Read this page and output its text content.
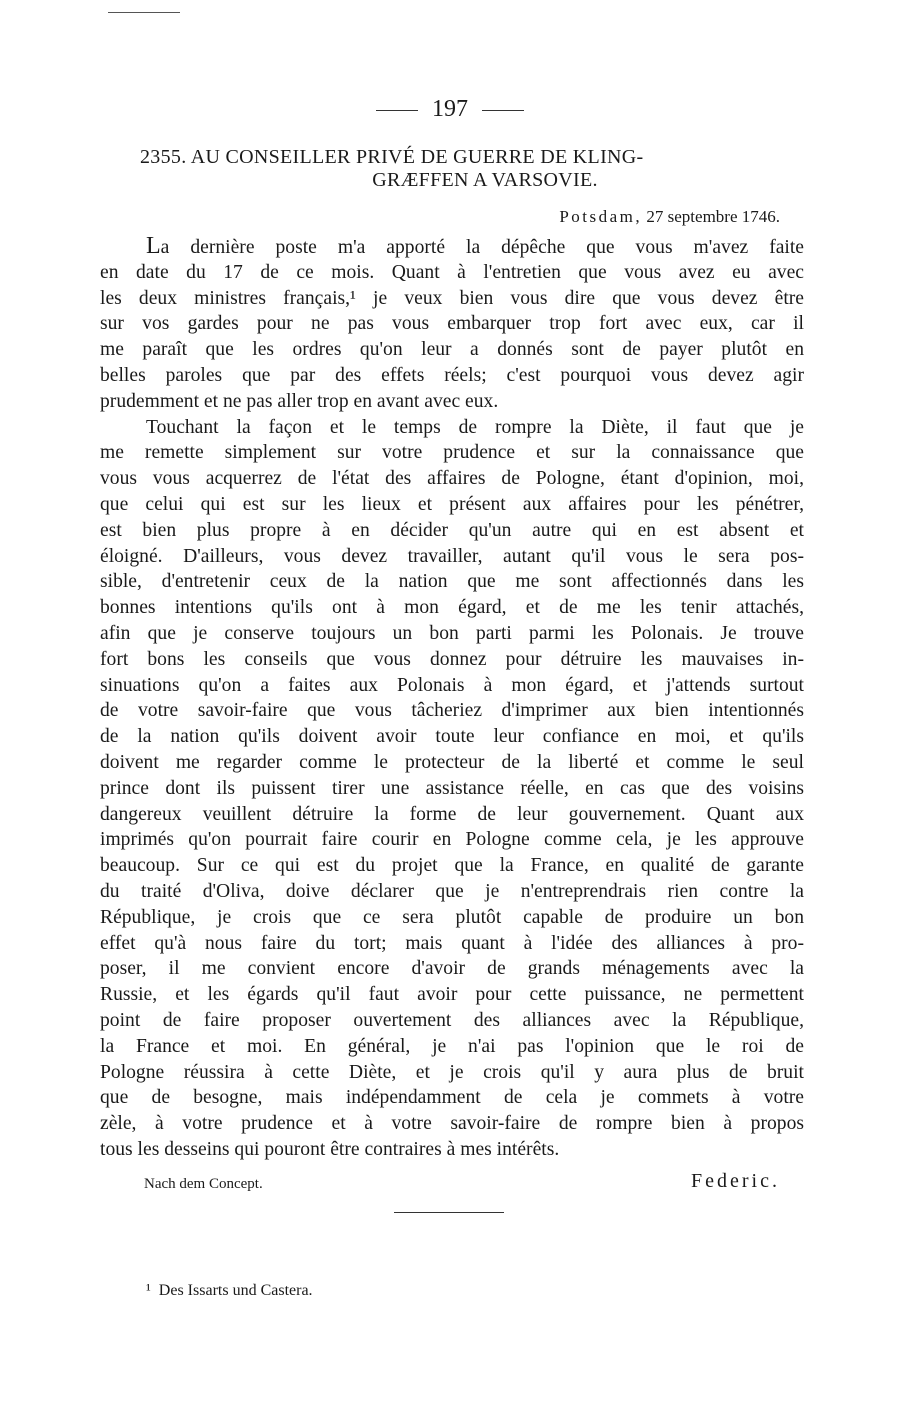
197
2355. AU CONSEILLER PRIVÉ DE GUERRE DE KLING-
GRÆFFEN A VARSOVIE.
Potsdam, 27 septembre 1746.
La dernière poste m'a apporté la dépêche que vous m'avez faite
en date du 17 de ce mois. Quant à l'entretien que vous avez eu avec
les deux ministres français,¹ je veux bien vous dire que vous devez être
sur vos gardes pour ne pas vous embarquer trop fort avec eux, car il
me paraît que les ordres qu'on leur a donnés sont de payer plutôt en
belles paroles que par des effets réels; c'est pourquoi vous devez agir
prudemment et ne pas aller trop en avant avec eux.
Touchant la façon et le temps de rompre la Diète, il faut que je
me remette simplement sur votre prudence et sur la connaissance que
vous vous acquerrez de l'état des affaires de Pologne, étant d'opinion, moi,
que celui qui est sur les lieux et présent aux affaires pour les pénétrer,
est bien plus propre à en décider qu'un autre qui en est absent et
éloigné. D'ailleurs, vous devez travailler, autant qu'il vous le sera pos-
sible, d'entretenir ceux de la nation que me sont affectionnés dans les
bonnes intentions qu'ils ont à mon égard, et de me les tenir attachés,
afin que je conserve toujours un bon parti parmi les Polonais. Je trouve
fort bons les conseils que vous donnez pour détruire les mauvaises in-
sinuations qu'on a faites aux Polonais à mon égard, et j'attends surtout
de votre savoir-faire que vous tâcheriez d'imprimer aux bien intentionnés
de la nation qu'ils doivent avoir toute leur confiance en moi, et qu'ils
doivent me regarder comme le protecteur de la liberté et comme le seul
prince dont ils puissent tirer une assistance réelle, en cas que des voisins
dangereux veuillent détruire la forme de leur gouvernement. Quant aux
imprimés qu'on pourrait faire courir en Pologne comme cela, je les approuve
beaucoup. Sur ce qui est du projet que la France, en qualité de garante
du traité d'Oliva, doive déclarer que je n'entreprendrais rien contre la
République, je crois que ce sera plutôt capable de produire un bon
effet qu'à nous faire du tort; mais quant à l'idée des alliances à pro-
poser, il me convient encore d'avoir de grands ménagements avec la
Russie, et les égards qu'il faut avoir pour cette puissance, ne permettent
point de faire proposer ouvertement des alliances avec la République,
la France et moi. En général, je n'ai pas l'opinion que le roi de
Pologne réussira à cette Diète, et je crois qu'il y aura plus de bruit
que de besogne, mais indépendamment de cela je commets à votre
zèle, à votre prudence et à votre savoir-faire de rompre bien à propos
tous les desseins qui pouront être contraires à mes intérêts.
Nach dem Concept.	Federic.
¹ Des Issarts und Castera.
